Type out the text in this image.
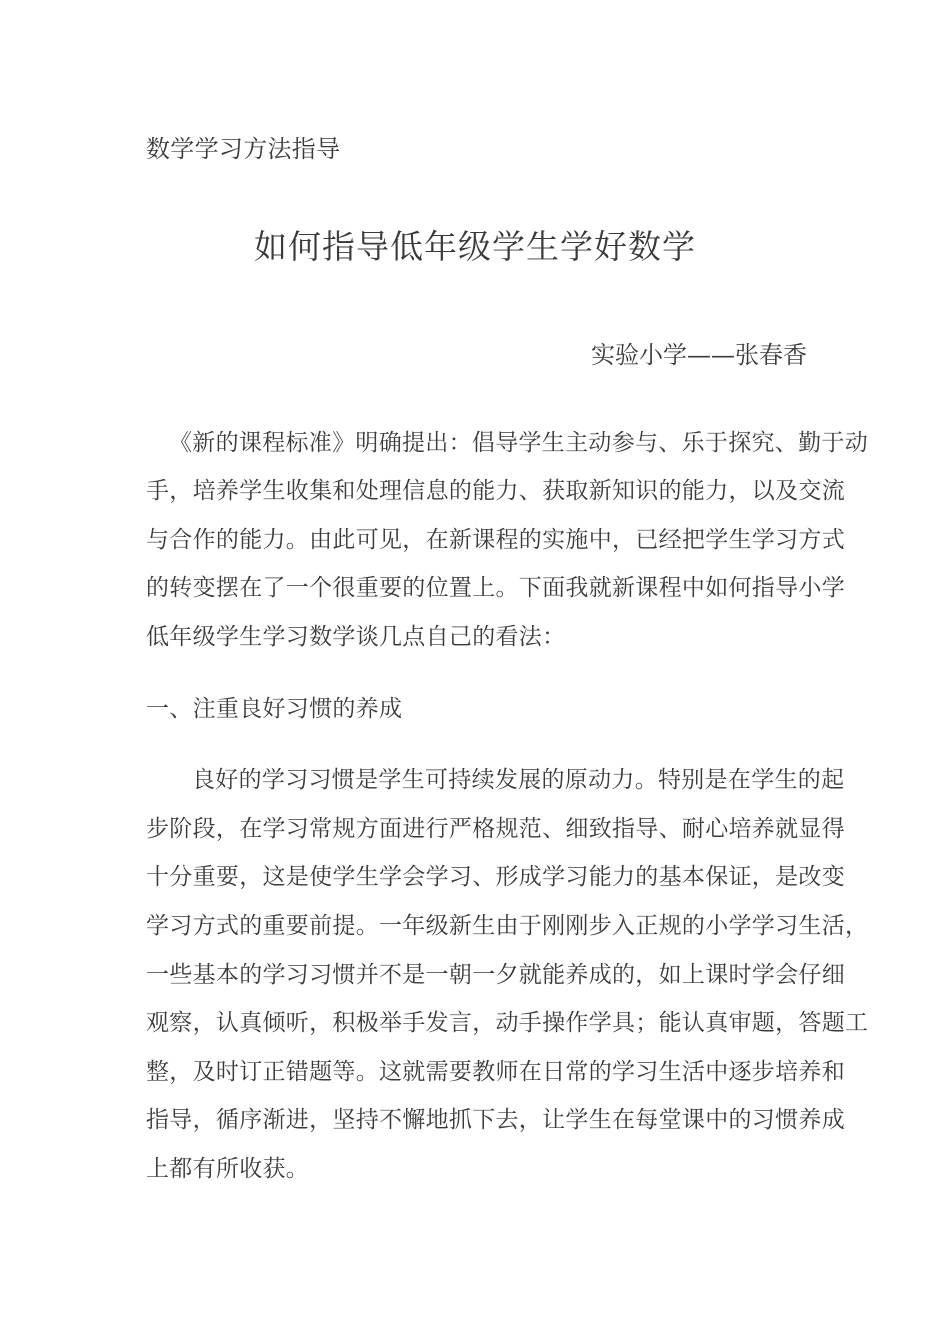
数学学习方法指导
如何指导低年级学生学好数学
实验小学——张春香
《新的课程标准》明确提出：倡导学生主动参与、乐于探究、勤于动
手，培养学生收集和处理信息的能力、获取新知识的能力，以及交流
与合作的能力。由此可见，在新课程的实施中，已经把学生学习方式
的转变摆在了一个很重要的位置上。下面我就新课程中如何指导小学
低年级学生学习数学谈几点自己的看法：
一、注重良好习惯的养成
良好的学习习惯是学生可持续发展的原动力。特别是在学生的起
步阶段，在学习常规方面进行严格规范、细致指导、耐心培养就显得
十分重要，这是使学生学会学习、形成学习能力的基本保证，是改变
学习方式的重要前提。一年级新生由于刚刚步入正规的小学学习生活，
一些基本的学习习惯并不是一朝一夕就能养成的，如上课时学会仔细
观察，认真倾听，积极举手发言，动手操作学具；能认真审题，答题工
整，及时订正错题等。这就需要教师在日常的学习生活中逐步培养和
指导，循序渐进，坚持不懈地抓下去，让学生在每堂课中的习惯养成
上都有所收获。
